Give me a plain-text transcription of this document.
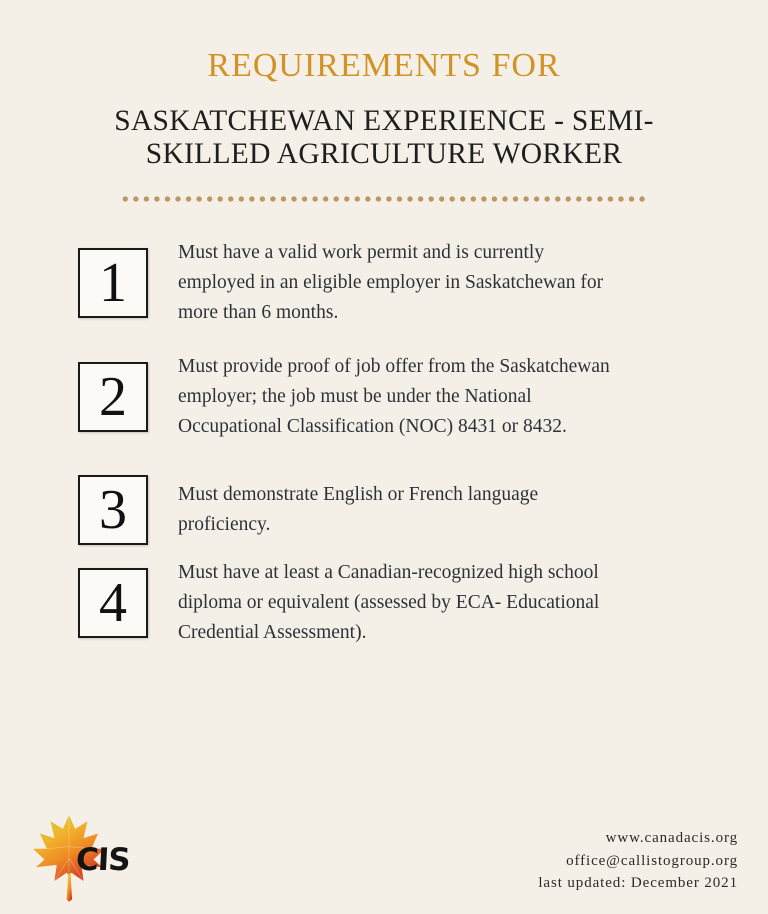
REQUIREMENTS FOR
SASKATCHEWAN EXPERIENCE - SEMI-
SKILLED AGRICULTURE WORKER
1	Must have a valid work permit and is currently
employed in an eligible employer in Saskatchewan for
more than 6 months.
2	Must provide proof of job offer from the Saskatchewan
employer; the job must be under the National
Occupational Classification (NOC) 8431 or 8432.
3	Must demonstrate English or French language
proficiency.
4	Must have at least a Canadian-recognized high school
diploma or equivalent (assessed by ECA- Educational
Credential Assessment).
CIS
www.canadacis.org
office@callistogroup.org
last updated: December 2021
